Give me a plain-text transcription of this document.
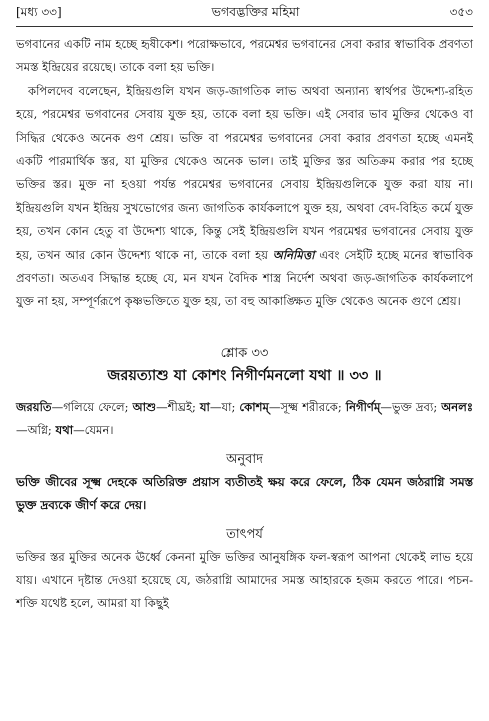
[মধ্য ৩৩]	ভগবদ্ভক্তির মহিমা	৩৫৩

ভগবানের একটি নাম হচ্ছে হৃষীকেশ। পরোক্ষভাবে, পরমেশ্বর ভগবানের সেবা করার স্বাভাবিক প্রবণতা সমস্ত ইন্দ্রিয়ের রয়েছে। তাকে বলা হয় ভক্তি।

কপিলদেব বলেছেন, ইন্দ্রিয়গুলি যখন জড়-জাগতিক লাভ অথবা অন্যান্য স্বার্থপর উদ্দেশ্য-রহিত হয়ে, পরমেশ্বর ভগবানের সেবায় যুক্ত হয়, তাকে বলা হয় ভক্তি। এই সেবার ভাব মুক্তির থেকেও বা সিদ্ধির থেকেও অনেক গুণ শ্রেয়। ভক্তি বা পরমেশ্বর ভগবানের সেবা করার প্রবণতা হচ্ছে এমনই একটি পারমার্থিক স্তর, যা মুক্তির থেকেও অনেক ভাল। তাই মুক্তির স্তর অতিক্রম করার পর হচ্ছে ভক্তির স্তর। মুক্ত না হওয়া পর্যন্ত পরমেশ্বর ভগবানের সেবায় ইন্দ্রিয়গুলিকে যুক্ত করা যায় না। ইন্দ্রিয়গুলি যখন ইন্দ্রিয় সুখভোগের জন্য জাগতিক কার্যকলাপে যুক্ত হয়, অথবা বেদ-বিহিত কর্মে যুক্ত হয়, তখন কোন হেতু বা উদ্দেশ্য থাকে, কিন্তু সেই ইন্দ্রিয়গুলি যখন পরমেশ্বর ভগবানের সেবায় যুক্ত হয়, তখন আর কোন উদ্দেশ্য থাকে না, তাকে বলা হয় অনিমিত্তা এবং সেইটি হচ্ছে মনের স্বাভাবিক প্রবণতা। অতএব সিদ্ধান্ত হচ্ছে যে, মন যখন বৈদিক শাস্ত্র নির্দেশ অথবা জড়-জাগতিক কার্যকলাপে যুক্ত না হয়, সম্পূর্ণরূপে কৃষ্ণভক্তিতে যুক্ত হয়, তা বহু আকাঙ্ক্ষিত মুক্তি থেকেও অনেক গুণে শ্রেয়।

শ্লোক ৩৩
জরয়ত্যাশু যা কোশং নিগীর্ণমনলো যথা ॥ ৩৩ ॥

জরয়তি—গলিয়ে ফেলে; আশু—শীঘ্রই; যা—যা; কোশম্—সূক্ষ্ম শরীরকে; নিগীর্ণম্—ভুক্ত দ্রব্য; অনলঃ—অগ্নি; যথা—যেমন।

অনুবাদ

ভক্তি জীবের সূক্ষ্ম দেহকে অতিরিক্ত প্রয়াস ব্যতীতই ক্ষয় করে ফেলে, ঠিক যেমন জঠরাগ্নি সমস্ত ভুক্ত দ্রব্যকে জীর্ণ করে দেয়।

তাৎপর্য

ভক্তির স্তর মুক্তির অনেক ঊর্ধ্বে কেননা মুক্তি ভক্তির আনুষঙ্গিক ফল-স্বরূপ আপনা থেকেই লাভ হয়ে যায়। এখানে দৃষ্টান্ত দেওয়া হয়েছে যে, জঠরাগ্নি আমাদের সমস্ত আহারকে হজম করতে পারে। পচন-শক্তি যথেষ্ট হলে, আমরা যা কিছুই
